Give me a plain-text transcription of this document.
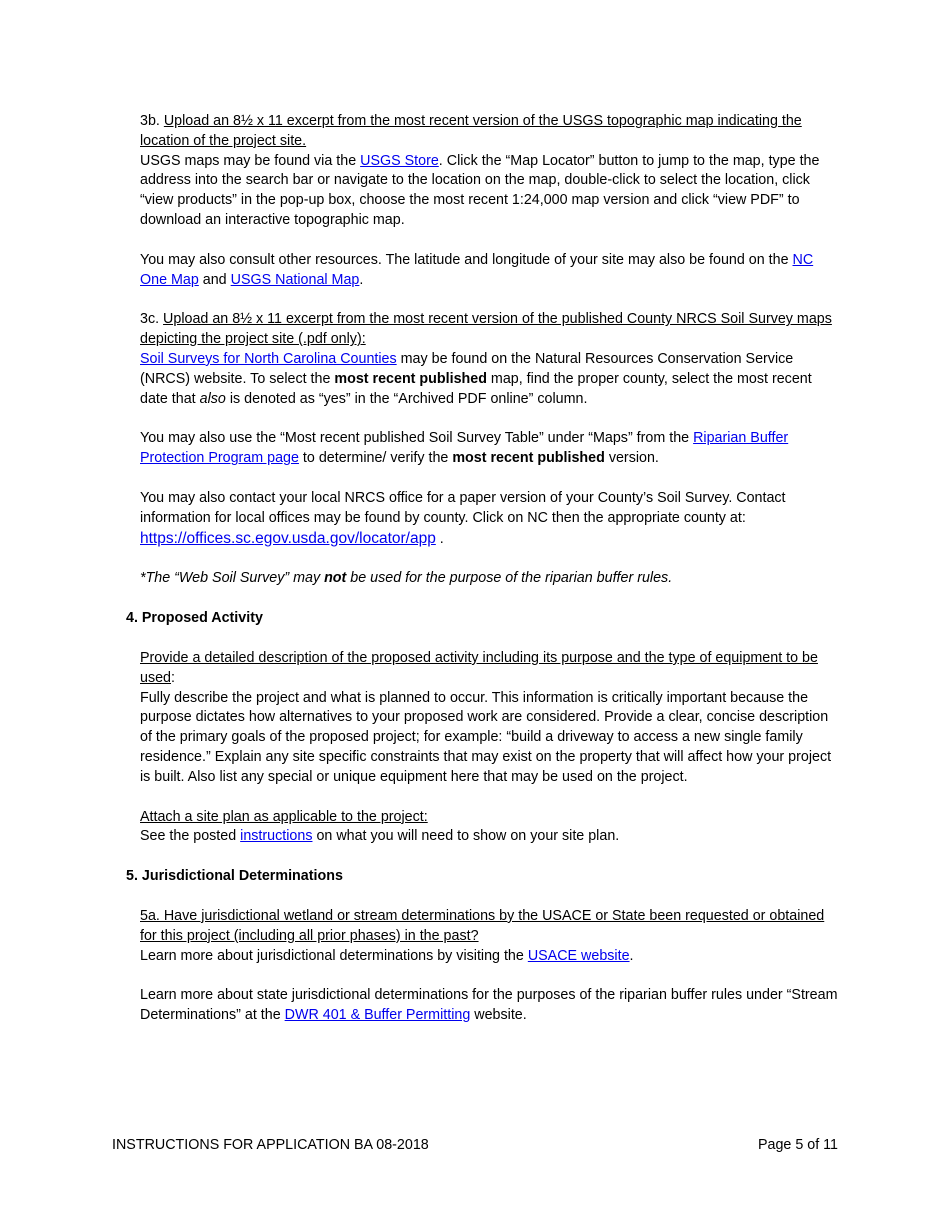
3b. Upload an 8½ x 11 excerpt from the most recent version of the USGS topographic map indicating the location of the project site.

USGS maps may be found via the USGS Store. Click the “Map Locator” button to jump to the map, type the address into the search bar or navigate to the location on the map, double-click to select the location, click “view products” in the pop-up box, choose the most recent 1:24,000 map version and click “view PDF” to download an interactive topographic map.

You may also consult other resources. The latitude and longitude of your site may also be found on the NC One Map and USGS National Map.

3c. Upload an 8½ x 11 excerpt from the most recent version of the published County NRCS Soil Survey maps depicting the project site (.pdf only):

Soil Surveys for North Carolina Counties may be found on the Natural Resources Conservation Service (NRCS) website. To select the most recent published map, find the proper county, select the most recent date that also is denoted as “yes” in the “Archived PDF online” column.

You may also use the “Most recent published Soil Survey Table” under “Maps” from the Riparian Buffer Protection Program page to determine/ verify the most recent published version.

You may also contact your local NRCS office for a paper version of your County’s Soil Survey. Contact information for local offices may be found by county. Click on NC then the appropriate county at: https://offices.sc.egov.usda.gov/locator/app .

*The “Web Soil Survey” may not be used for the purpose of the riparian buffer rules.

4. Proposed Activity

Provide a detailed description of the proposed activity including its purpose and the type of equipment to be used:

Fully describe the project and what is planned to occur. This information is critically important because the purpose dictates how alternatives to your proposed work are considered. Provide a clear, concise description of the primary goals of the proposed project; for example: “build a driveway to access a new single family residence.” Explain any site specific constraints that may exist on the property that will affect how your project is built. Also list any special or unique equipment here that may be used on the project.

Attach a site plan as applicable to the project:

See the posted instructions on what you will need to show on your site plan.

5. Jurisdictional Determinations

5a. Have jurisdictional wetland or stream determinations by the USACE or State been requested or obtained for this project (including all prior phases) in the past?

Learn more about jurisdictional determinations by visiting the USACE website.

Learn more about state jurisdictional determinations for the purposes of the riparian buffer rules under “Stream Determinations” at the DWR 401 & Buffer Permitting website.

INSTRUCTIONS FOR APPLICATION BA 08-2018	Page 5 of 11
